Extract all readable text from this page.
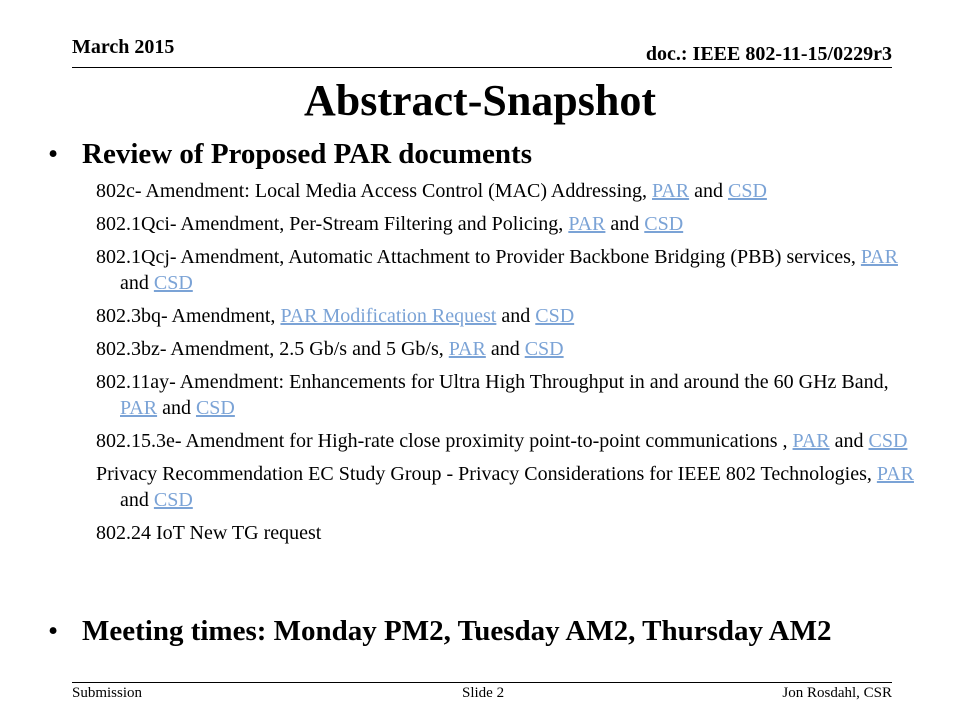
March 2015	doc.: IEEE 802-11-15/0229r3
Abstract-Snapshot
• Review of Proposed PAR documents
802c- Amendment: Local Media Access Control (MAC) Addressing, PAR and CSD
802.1Qci- Amendment, Per-Stream Filtering and Policing, PAR and CSD
802.1Qcj- Amendment, Automatic Attachment to Provider Backbone Bridging (PBB) services, PAR and CSD
802.3bq- Amendment, PAR Modification Request and CSD
802.3bz- Amendment, 2.5 Gb/s and 5 Gb/s, PAR and CSD
802.11ay- Amendment: Enhancements for Ultra High Throughput in and around the 60 GHz Band, PAR and CSD
802.15.3e- Amendment for High-rate close proximity point-to-point communications , PAR and CSD
Privacy Recommendation EC Study Group - Privacy Considerations for IEEE 802 Technologies, PAR and CSD
802.24 IoT New TG request
• Meeting times: Monday PM2, Tuesday AM2, Thursday AM2
Submission	Slide 2	Jon Rosdahl, CSR
